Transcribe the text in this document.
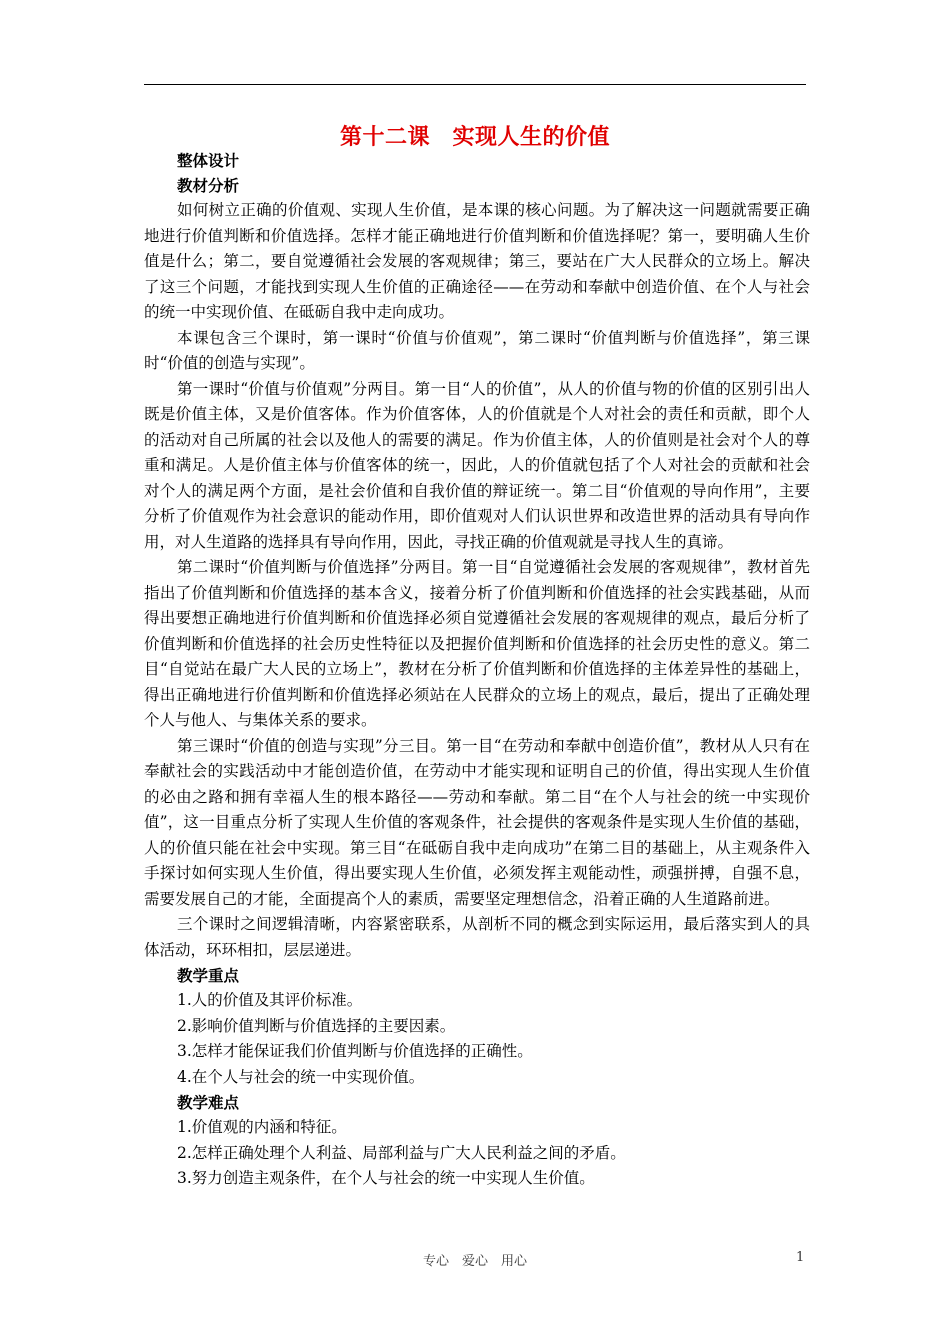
第十二课　实现人生的价值
整体设计
教材分析

如何树立正确的价值观、实现人生价值，是本课的核心问题。为了解决这一问题就需要正确地进行价值判断和价值选择。怎样才能正确地进行价值判断和价值选择呢？第一，要明确人生价值是什么；第二，要自觉遵循社会发展的客观规律；第三，要站在广大人民群众的立场上。解决了这三个问题，才能找到实现人生价值的正确途径——在劳动和奉献中创造价值、在个人与社会的统一中实现价值、在砥砺自我中走向成功。

本课包含三个课时，第一课时“价值与价值观”，第二课时“价值判断与价值选择”，第三课时“价值的创造与实现”。

第一课时“价值与价值观”分两目。第一目“人的价值”，从人的价值与物的价值的区别引出人既是价值主体，又是价值客体。作为价值客体，人的价值就是个人对社会的责任和贡献，即个人的活动对自己所属的社会以及他人的需要的满足。作为价值主体，人的价值则是社会对个人的尊重和满足。人是价值主体与价值客体的统一，因此，人的价值就包括了个人对社会的贡献和社会对个人的满足两个方面，是社会价值和自我价值的辩证统一。第二目“价值观的导向作用”，主要分析了价值观作为社会意识的能动作用，即价值观对人们认识世界和改造世界的活动具有导向作用，对人生道路的选择具有导向作用，因此，寻找正确的价值观就是寻找人生的真谛。

第二课时“价值判断与价值选择”分两目。第一目“自觉遵循社会发展的客观规律”，教材首先指出了价值判断和价值选择的基本含义，接着分析了价值判断和价值选择的社会实践基础，从而得出要想正确地进行价值判断和价值选择必须自觉遵循社会发展的客观规律的观点，最后分析了价值判断和价值选择的社会历史性特征以及把握价值判断和价值选择的社会历史性的意义。第二目“自觉站在最广大人民的立场上”，教材在分析了价值判断和价值选择的主体差异性的基础上，得出正确地进行价值判断和价值选择必须站在人民群众的立场上的观点，最后，提出了正确处理个人与他人、与集体关系的要求。

第三课时“价值的创造与实现”分三目。第一目“在劳动和奉献中创造价值”，教材从人只有在奉献社会的实践活动中才能创造价值，在劳动中才能实现和证明自己的价值，得出实现人生价值的必由之路和拥有幸福人生的根本路径——劳动和奉献。第二目“在个人与社会的统一中实现价值”，这一目重点分析了实现人生价值的客观条件，社会提供的客观条件是实现人生价值的基础，人的价值只能在社会中实现。第三目“在砥砺自我中走向成功”在第二目的基础上，从主观条件入手探讨如何实现人生价值，得出要实现人生价值，必须发挥主观能动性，顽强拼搏，自强不息，需要发展自己的才能，全面提高个人的素质，需要坚定理想信念，沿着正确的人生道路前进。

三个课时之间逻辑清晰，内容紧密联系，从剖析不同的概念到实际运用，最后落实到人的具体活动，环环相扣，层层递进。

教学重点
1.人的价值及其评价标准。
2.影响价值判断与价值选择的主要因素。
3.怎样才能保证我们价值判断与价值选择的正确性。
4.在个人与社会的统一中实现价值。
教学难点
1.价值观的内涵和特征。
2.怎样正确处理个人利益、局部利益与广大人民利益之间的矛盾。
3.努力创造主观条件，在个人与社会的统一中实现人生价值。
专心　爱心　用心	1
